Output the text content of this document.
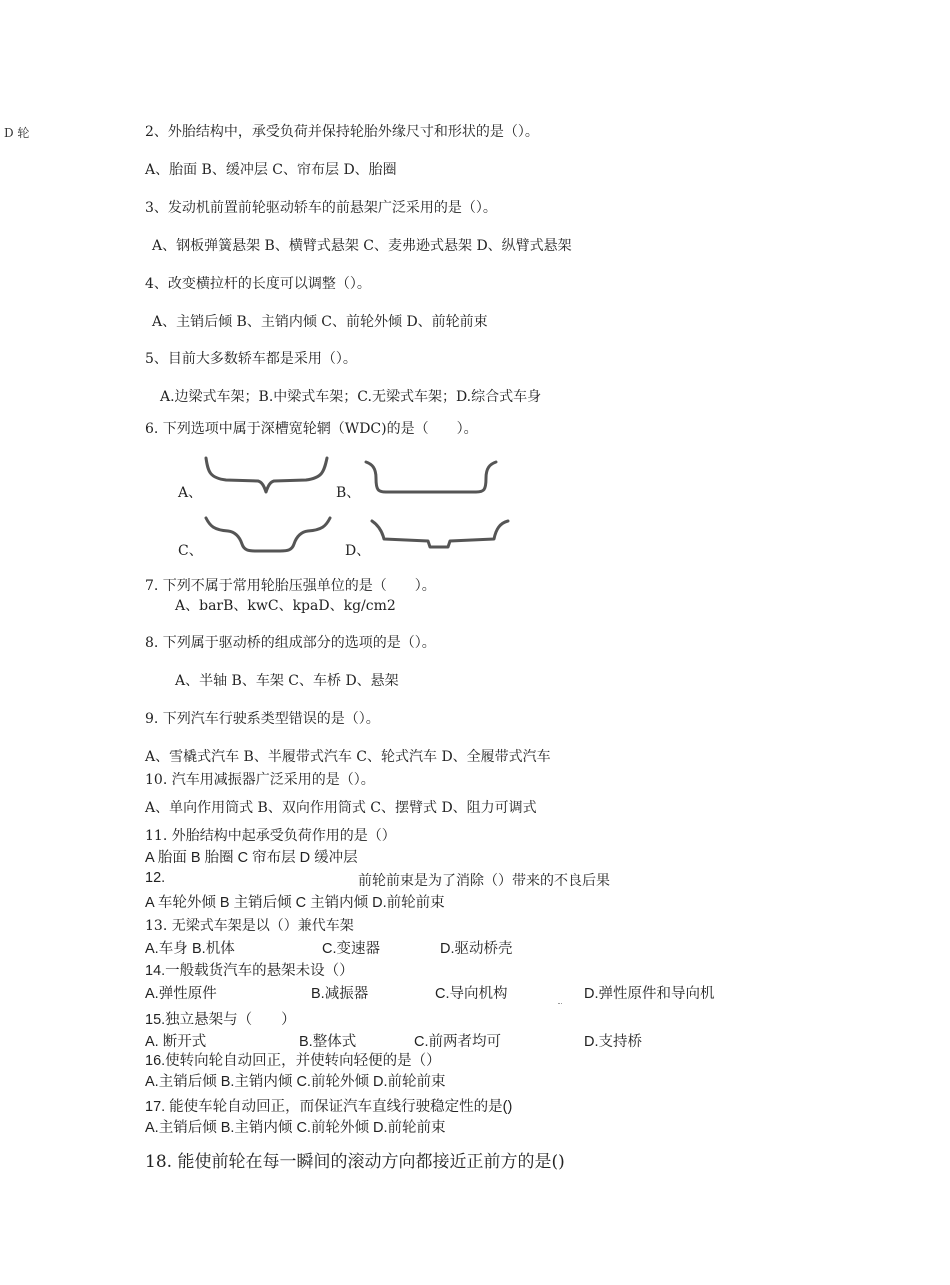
D 轮	2、外胎结构中，承受负荷并保持轮胎外缘尺寸和形状的是（）。

A、胎面 B、缓冲层 C、帘布层 D、胎圈

3、发动机前置前轮驱动轿车的前悬架广泛采用的是（）。

A、钢板弹簧悬架 B、横臂式悬架 C、麦弗逊式悬架 D、纵臂式悬架

4、改变横拉杆的长度可以调整（）。

A、主销后倾 B、主销内倾 C、前轮外倾 D、前轮前束

5、目前大多数轿车都是采用（）。

A.边梁式车架；B.中梁式车架；C.无梁式车架；D.综合式车身

6. 下列选项中属于深槽宽轮辋（WDC)的是（　　）。

A、	B、
C、	D、

7. 下列不属于常用轮胎压强单位的是（　　）。

A、barB、kwC、kpaD、kg/cm2

8. 下列属于驱动桥的组成部分的选项的是（）。

A、半轴 B、车架 C、车桥 D、悬架

9. 下列汽车行驶系类型错误的是（）。

A、雪橇式汽车 B、半履带式汽车 C、轮式汽车 D、全履带式汽车

10. 汽车用减振器广泛采用的是（）。

A、单向作用筒式 B、双向作用筒式 C、摆臂式 D、阻力可调式

11. 外胎结构中起承受负荷作用的是（）

A 胎面 B 胎圈 C 帘布层 D 缓冲层

12.	前轮前束是为了消除（）带来的不良后果

A 车轮外倾 B 主销后倾 C 主销内倾 D.前轮前束

13. 无梁式车架是以（）兼代车架

A.车身 B.机体	C.变速器	D.驱动桥壳

14.一般载货汽车的悬架未设（）

A.弹性原件	B.减振器	C.导向机构	D.弹性原件和导向机

15.独立悬架与（　　）

A. 断开式	B.整体式	C.前两者均可	D.支持桥

16.使转向轮自动回正，并使转向轻便的是（）

A.主销后倾 B.主销内倾 C.前轮外倾 D.前轮前束

17. 能使车轮自动回正，而保证汽车直线行驶稳定性的是()

A.主销后倾 B.主销内倾 C.前轮外倾 D.前轮前束

18. 能使前轮在每一瞬间的滚动方向都接近正前方的是()
